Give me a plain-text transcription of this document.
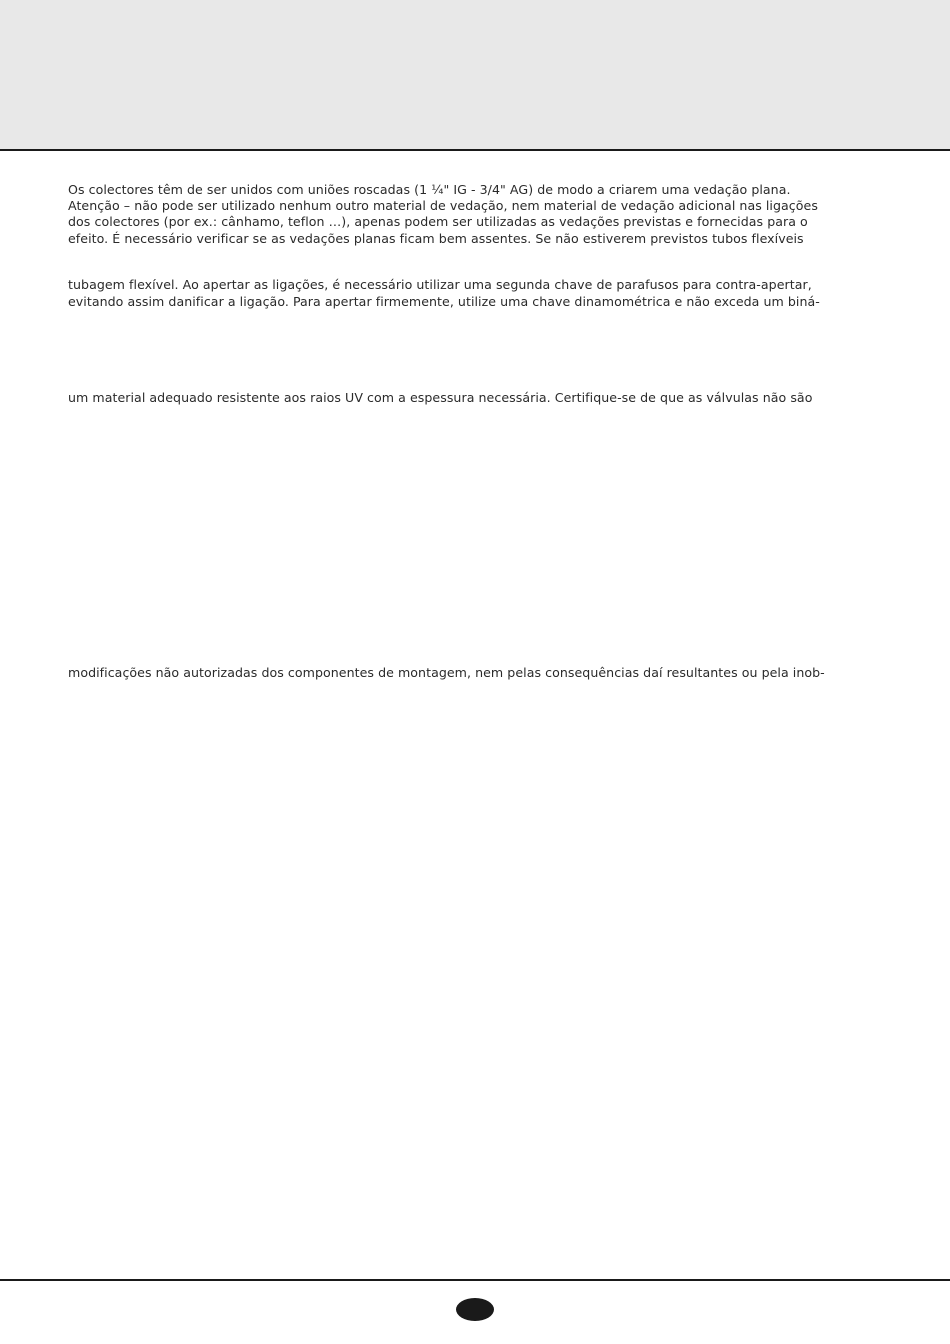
Os colectores têm de ser unidos com uniões roscadas (1 ¼" IG - 3/4" AG) de modo a criarem uma vedação plana.

Atenção – não pode ser utilizado nenhum outro material de vedação, nem material de vedação adicional nas ligações

dos colectores (por ex.: cânhamo, teflon …), apenas podem ser utilizadas as vedações previstas e fornecidas para o

efeito. É necessário verificar se as vedações planas ficam bem assentes. Se não estiverem previstos tubos flexíveis

tubagem flexível. Ao apertar as ligações, é necessário utilizar uma segunda chave de parafusos para contra-apertar,

evitando assim danificar a ligação. Para apertar firmemente, utilize uma chave dinamométrica e não exceda um biná-

um material adequado resistente aos raios UV com a espessura necessária. Certifique-se de que as válvulas não são

modificações não autorizadas dos componentes de montagem, nem pelas consequências daí resultantes ou pela inob-
